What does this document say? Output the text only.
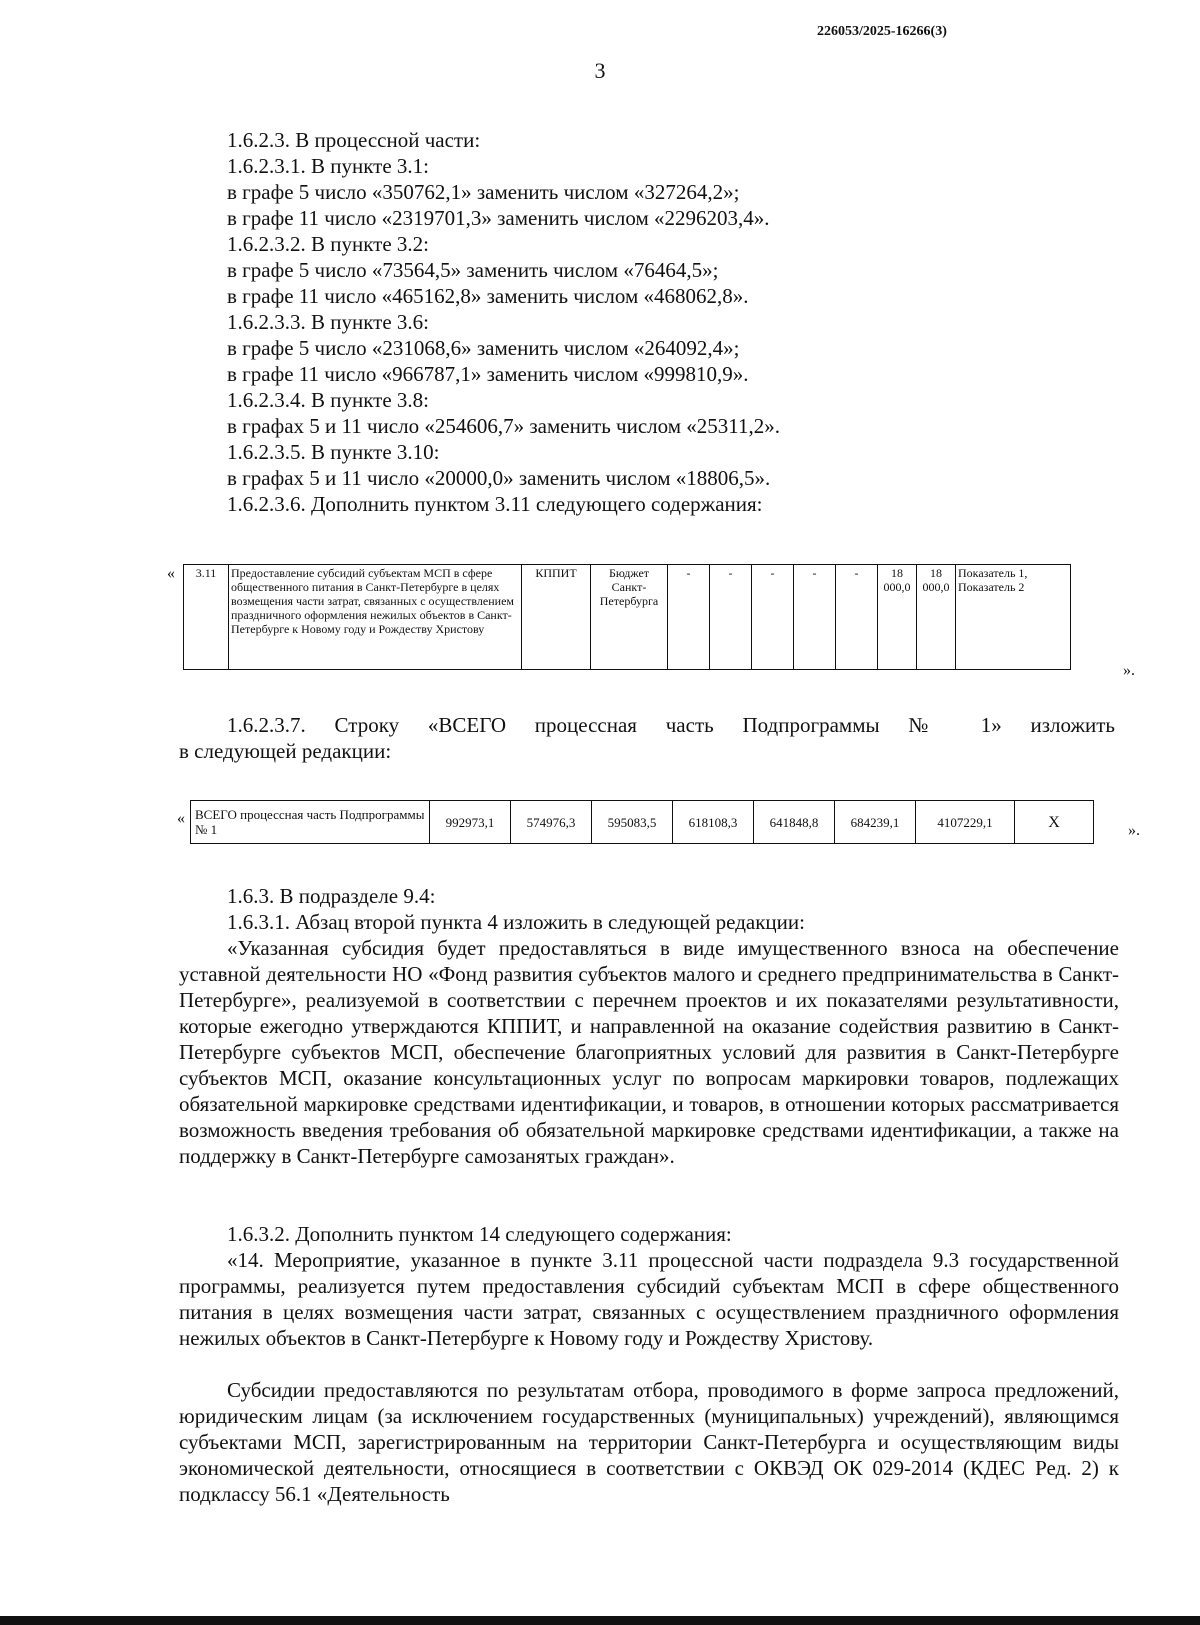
226053/2025-16266(3)
3
1.6.2.3. В процессной части:
1.6.2.3.1. В пункте 3.1:
в графе 5 число «350762,1» заменить числом «327264,2»;
в графе 11 число «2319701,3» заменить числом «2296203,4».
1.6.2.3.2. В пункте 3.2:
в графе 5 число «73564,5» заменить числом «76464,5»;
в графе 11 число «465162,8» заменить числом «468062,8».
1.6.2.3.3. В пункте 3.6:
в графе 5 число «231068,6» заменить числом «264092,4»;
в графе 11 число «966787,1» заменить числом «999810,9».
1.6.2.3.4. В пункте 3.8:
в графах 5 и 11 число «254606,7» заменить числом «25311,2».
1.6.2.3.5. В пункте 3.10:
в графах 5 и 11 число «20000,0» заменить числом «18806,5».
1.6.2.3.6. Дополнить пунктом 3.11 следующего содержания:
« 3.11	Предоставление субсидий субъектам МСП в сфере общественного питания в Санкт-Петербурге в целях возмещения части затрат, связанных с осуществлением праздничного оформления нежилых объектов в Санкт-Петербурге к Новому году и Рождеству Христову	КППИТ	Бюджет Санкт-Петербурга	-	-	-	-	-	18 000,0	18 000,0	Показатель 1, Показатель 2
».
1.6.2.3.7. Строку «ВСЕГО процессная часть Подпрограммы № 1» изложить
в следующей редакции:
« ВСЕГО процессная часть Подпрограммы № 1	992973,1	574976,3	595083,5	618108,3	641848,8	684239,1	4107229,1	Х	».
1.6.3. В подразделе 9.4:
1.6.3.1. Абзац второй пункта 4 изложить в следующей редакции:
«Указанная субсидия будет предоставляться в виде имущественного взноса на обеспечение уставной деятельности НО «Фонд развития субъектов малого и среднего предпринимательства в Санкт-Петербурге», реализуемой в соответствии с перечнем проектов и их показателями результативности, которые ежегодно утверждаются КППИТ, и направленной на оказание содействия развитию в Санкт-Петербурге субъектов МСП, обеспечение благоприятных условий для развития в Санкт-Петербурге субъектов МСП, оказание консультационных услуг по вопросам маркировки товаров, подлежащих обязательной маркировке средствами идентификации, и товаров, в отношении которых рассматривается возможность введения требования об обязательной маркировке средствами идентификации, а также на поддержку в Санкт-Петербурге самозанятых граждан».
1.6.3.2. Дополнить пунктом 14 следующего содержания:
«14. Мероприятие, указанное в пункте 3.11 процессной части подраздела 9.3 государственной программы, реализуется путем предоставления субсидий субъектам МСП в сфере общественного питания в целях возмещения части затрат, связанных с осуществлением праздничного оформления нежилых объектов в Санкт-Петербурге к Новому году и Рождеству Христову.
Субсидии предоставляются по результатам отбора, проводимого в форме запроса предложений, юридическим лицам (за исключением государственных (муниципальных) учреждений), являющимся субъектами МСП, зарегистрированным на территории Санкт-Петербурга и осуществляющим виды экономической деятельности, относящиеся в соответствии с ОКВЭД ОК 029-2014 (КДЕС Ред. 2) к подклассу 56.1 «Деятельность
